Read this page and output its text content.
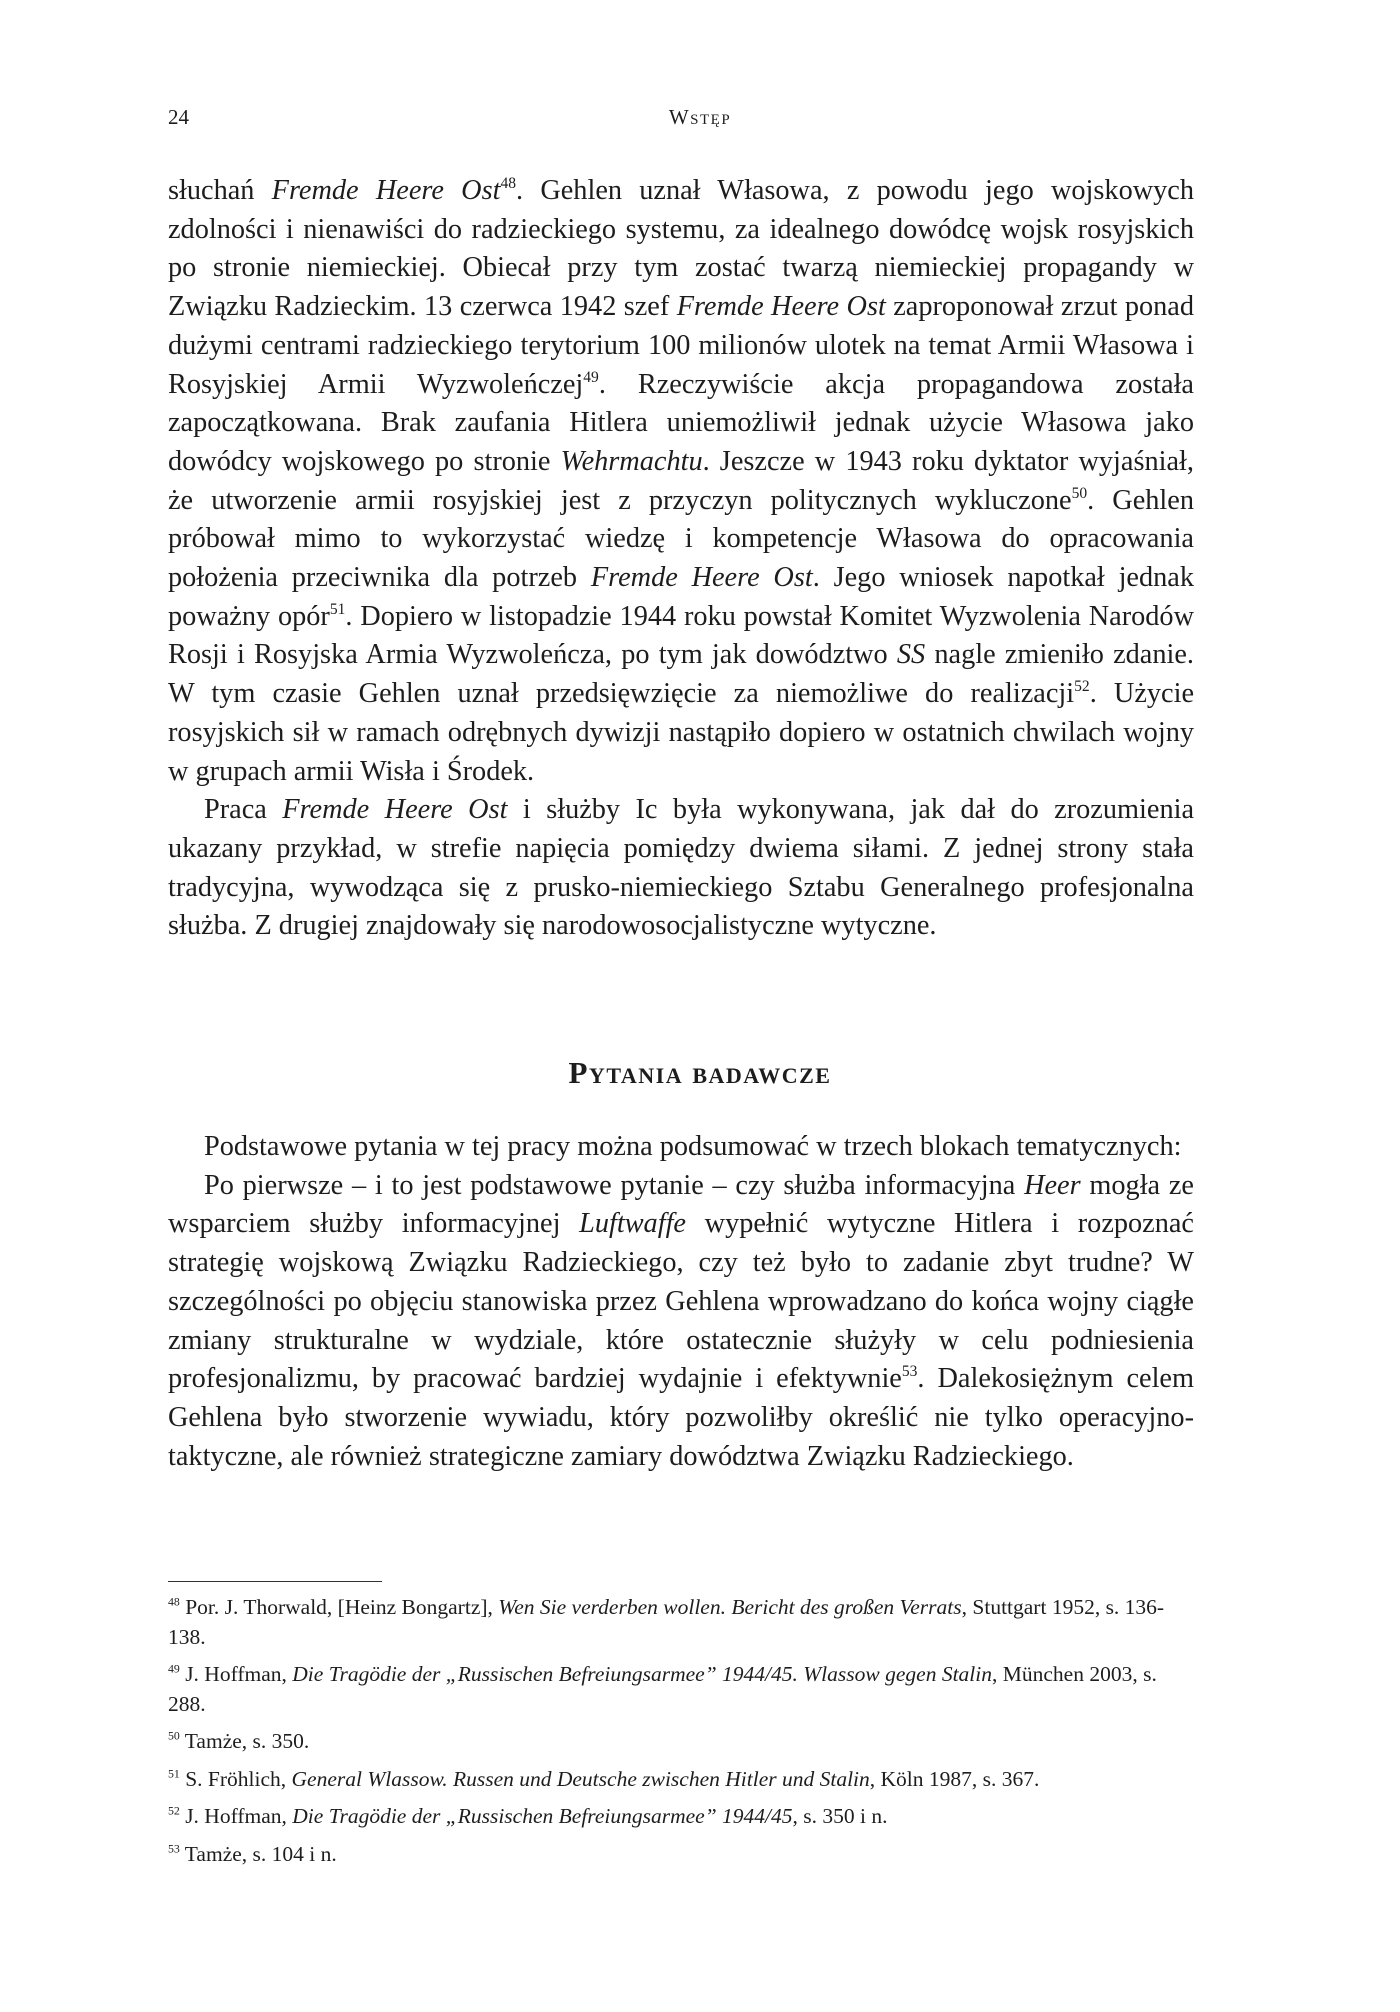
24	Wstęp

słuchań Fremde Heere Ost$^{48}$. Gehlen uznał Własowa, z powodu jego wojskowych zdolności i nienawiści do radzieckiego systemu, za idealnego dowódcę wojsk rosyjskich po stronie niemieckiej. Obiecał przy tym zostać twarzą niemieckiej propagandy w Związku Radzieckim. 13 czerwca 1942 szef Fremde Heere Ost zaproponował zrzut ponad dużymi centrami radzieckiego terytorium 100 milionów ulotek na temat Armii Własowa i Rosyjskiej Armii Wyzwoleńczej$^{49}$. Rzeczywiście akcja propagandowa została zapoczątkowana. Brak zaufania Hitlera uniemożliwił jednak użycie Własowa jako dowódcy wojskowego po stronie Wehrmachtu. Jeszcze w 1943 roku dyktator wyjaśniał, że utworzenie armii rosyjskiej jest z przyczyn politycznych wykluczone$^{50}$. Gehlen próbował mimo to wykorzystać wiedzę i kompetencje Własowa do opracowania położenia przeciwnika dla potrzeb Fremde Heere Ost. Jego wniosek napotkał jednak poważny opór$^{51}$. Dopiero w listopadzie 1944 roku powstał Komitet Wyzwolenia Narodów Rosji i Rosyjska Armia Wyzwoleńcza, po tym jak dowództwo SS nagle zmieniło zdanie. W tym czasie Gehlen uznał przedsięwzięcie za niemożliwe do realizacji$^{52}$. Użycie rosyjskich sił w ramach odrębnych dywizji nastąpiło dopiero w ostatnich chwilach wojny w grupach armii Wisła i Środek.

Praca Fremde Heere Ost i służby Ic była wykonywana, jak dał do zrozumienia ukazany przykład, w strefie napięcia pomiędzy dwiema siłami. Z jednej strony stała tradycyjna, wywodząca się z prusko-niemieckiego Sztabu Generalnego profesjonalna służba. Z drugiej znajdowały się narodowosocjalistyczne wytyczne.

Pytania badawcze

Podstawowe pytania w tej pracy można podsumować w trzech blokach tematycznych:

Po pierwsze – i to jest podstawowe pytanie – czy służba informacyjna Heer mogła ze wsparciem służby informacyjnej Luftwaffe wypełnić wytyczne Hitlera i rozpoznać strategię wojskową Związku Radzieckiego, czy też było to zadanie zbyt trudne? W szczególności po objęciu stanowiska przez Gehlena wprowadzano do końca wojny ciągłe zmiany strukturalne w wydziale, które ostatecznie służyły w celu podniesienia profesjonalizmu, by pracować bardziej wydajnie i efektywnie$^{53}$. Dalekosiężnym celem Gehlena było stworzenie wywiadu, który pozwoliłby określić nie tylko operacyjno-taktyczne, ale również strategiczne zamiary dowództwa Związku Radzieckiego.

$^{48}$ Por. J. Thorwald, [Heinz Bongartz], Wen Sie verderben wollen. Bericht des großen Verrats, Stuttgart 1952, s. 136-138.

$^{49}$ J. Hoffman, Die Tragödie der „Russischen Befreiungsarmee” 1944/45. Wlassow gegen Stalin, München 2003, s. 288.

$^{50}$ Tamże, s. 350.

$^{51}$ S. Fröhlich, General Wlassow. Russen und Deutsche zwischen Hitler und Stalin, Köln 1987, s. 367.

$^{52}$ J. Hoffman, Die Tragödie der „Russischen Befreiungsarmee” 1944/45, s. 350 i n.

$^{53}$ Tamże, s. 104 i n.
